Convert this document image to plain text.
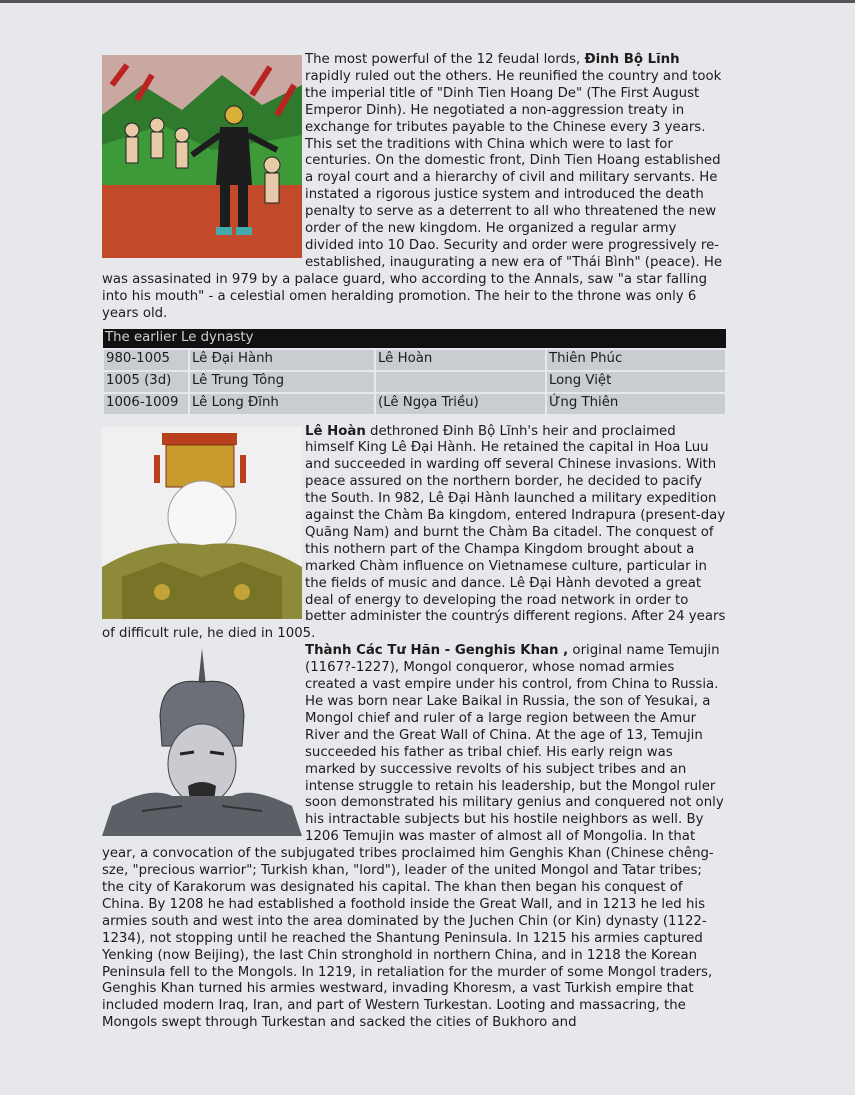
The most powerful of the 12 feudal lords, Đinh Bộ Lĩnh rapidly ruled out the others. He reunified the country and took the imperial title of "Dinh Tien Hoang De" (The First August Emperor Dinh). He negotiated a non-aggression treaty in exchange for tributes payable to the Chinese every 3 years. This set the traditions with China which were to last for centuries. On the domestic front, Dinh Tien Hoang established a royal court and a hierarchy of civil and military servants. He instated a rigorous justice system and introduced the death penalty to serve as a deterrent to all who threatened the new order of the new kingdom. He organized a regular army divided into 10 Dao. Security and order were progressively re-established, inaugurating a new era of "Thái Bình" (peace). He was assasinated in 979 by a palace guard, who according to the Annals, saw "a star falling into his mouth" - a celestial omen heralding promotion. The heir to the throne was only 6 years old.

The earlier Le dynasty			
980-1005	Lê Đại Hành	Lê Hoàn	Thiên Phúc
1005 (3d)	Lê Trung Tông		Long Việt
1006-1009	Lê Long Đĩnh	(Lê Ngọa Triều)	Ứng Thiên

Lê Hoàn dethroned Đinh Bộ Lĩnh's heir and proclaimed himself King Lê Đại Hành. He retained the capital in Hoa Luu and succeeded in warding off several Chinese invasions. With peace assured on the northern border, he decided to pacify the South. In 982, Lê Đại Hành launched a military expedition against the Chàm Ba kingdom, entered Indrapura (present-day Quãng Nam) and burnt the Chàm Ba citadel. The conquest of this nothern part of the Champa Kingdom brought about a marked Chàm influence on Vietnamese culture, particular in the fields of music and dance. Lê Đại Hành devoted a great deal of energy to developing the road network in order to better administer the countrýs different regions. After 24 years of difficult rule, he died in 1005.

Thành Các Tư Hãn - Genghis Khan , original name Temujin (1167?-1227), Mongol conqueror, whose nomad armies created a vast empire under his control, from China to Russia. He was born near Lake Baikal in Russia, the son of Yesukai, a Mongol chief and ruler of a large region between the Amur River and the Great Wall of China. At the age of 13, Temujin succeeded his father as tribal chief. His early reign was marked by successive revolts of his subject tribes and an intense struggle to retain his leadership, but the Mongol ruler soon demonstrated his military genius and conquered not only his intractable subjects but his hostile neighbors as well. By 1206 Temujin was master of almost all of Mongolia. In that year, a convocation of the subjugated tribes proclaimed him Genghis Khan (Chinese chêng-sze, "precious warrior"; Turkish khan, "lord"), leader of the united Mongol and Tatar tribes; the city of Karakorum was designated his capital. The khan then began his conquest of China. By 1208 he had established a foothold inside the Great Wall, and in 1213 he led his armies south and west into the area dominated by the Juchen Chin (or Kin) dynasty (1122-1234), not stopping until he reached the Shantung Peninsula. In 1215 his armies captured Yenking (now Beijing), the last Chin stronghold in northern China, and in 1218 the Korean Peninsula fell to the Mongols. In 1219, in retaliation for the murder of some Mongol traders, Genghis Khan turned his armies westward, invading Khoresm, a vast Turkish empire that included modern Iraq, Iran, and part of Western Turkestan. Looting and massacring, the Mongols swept through Turkestan and sacked the cities of Bukhoro and
